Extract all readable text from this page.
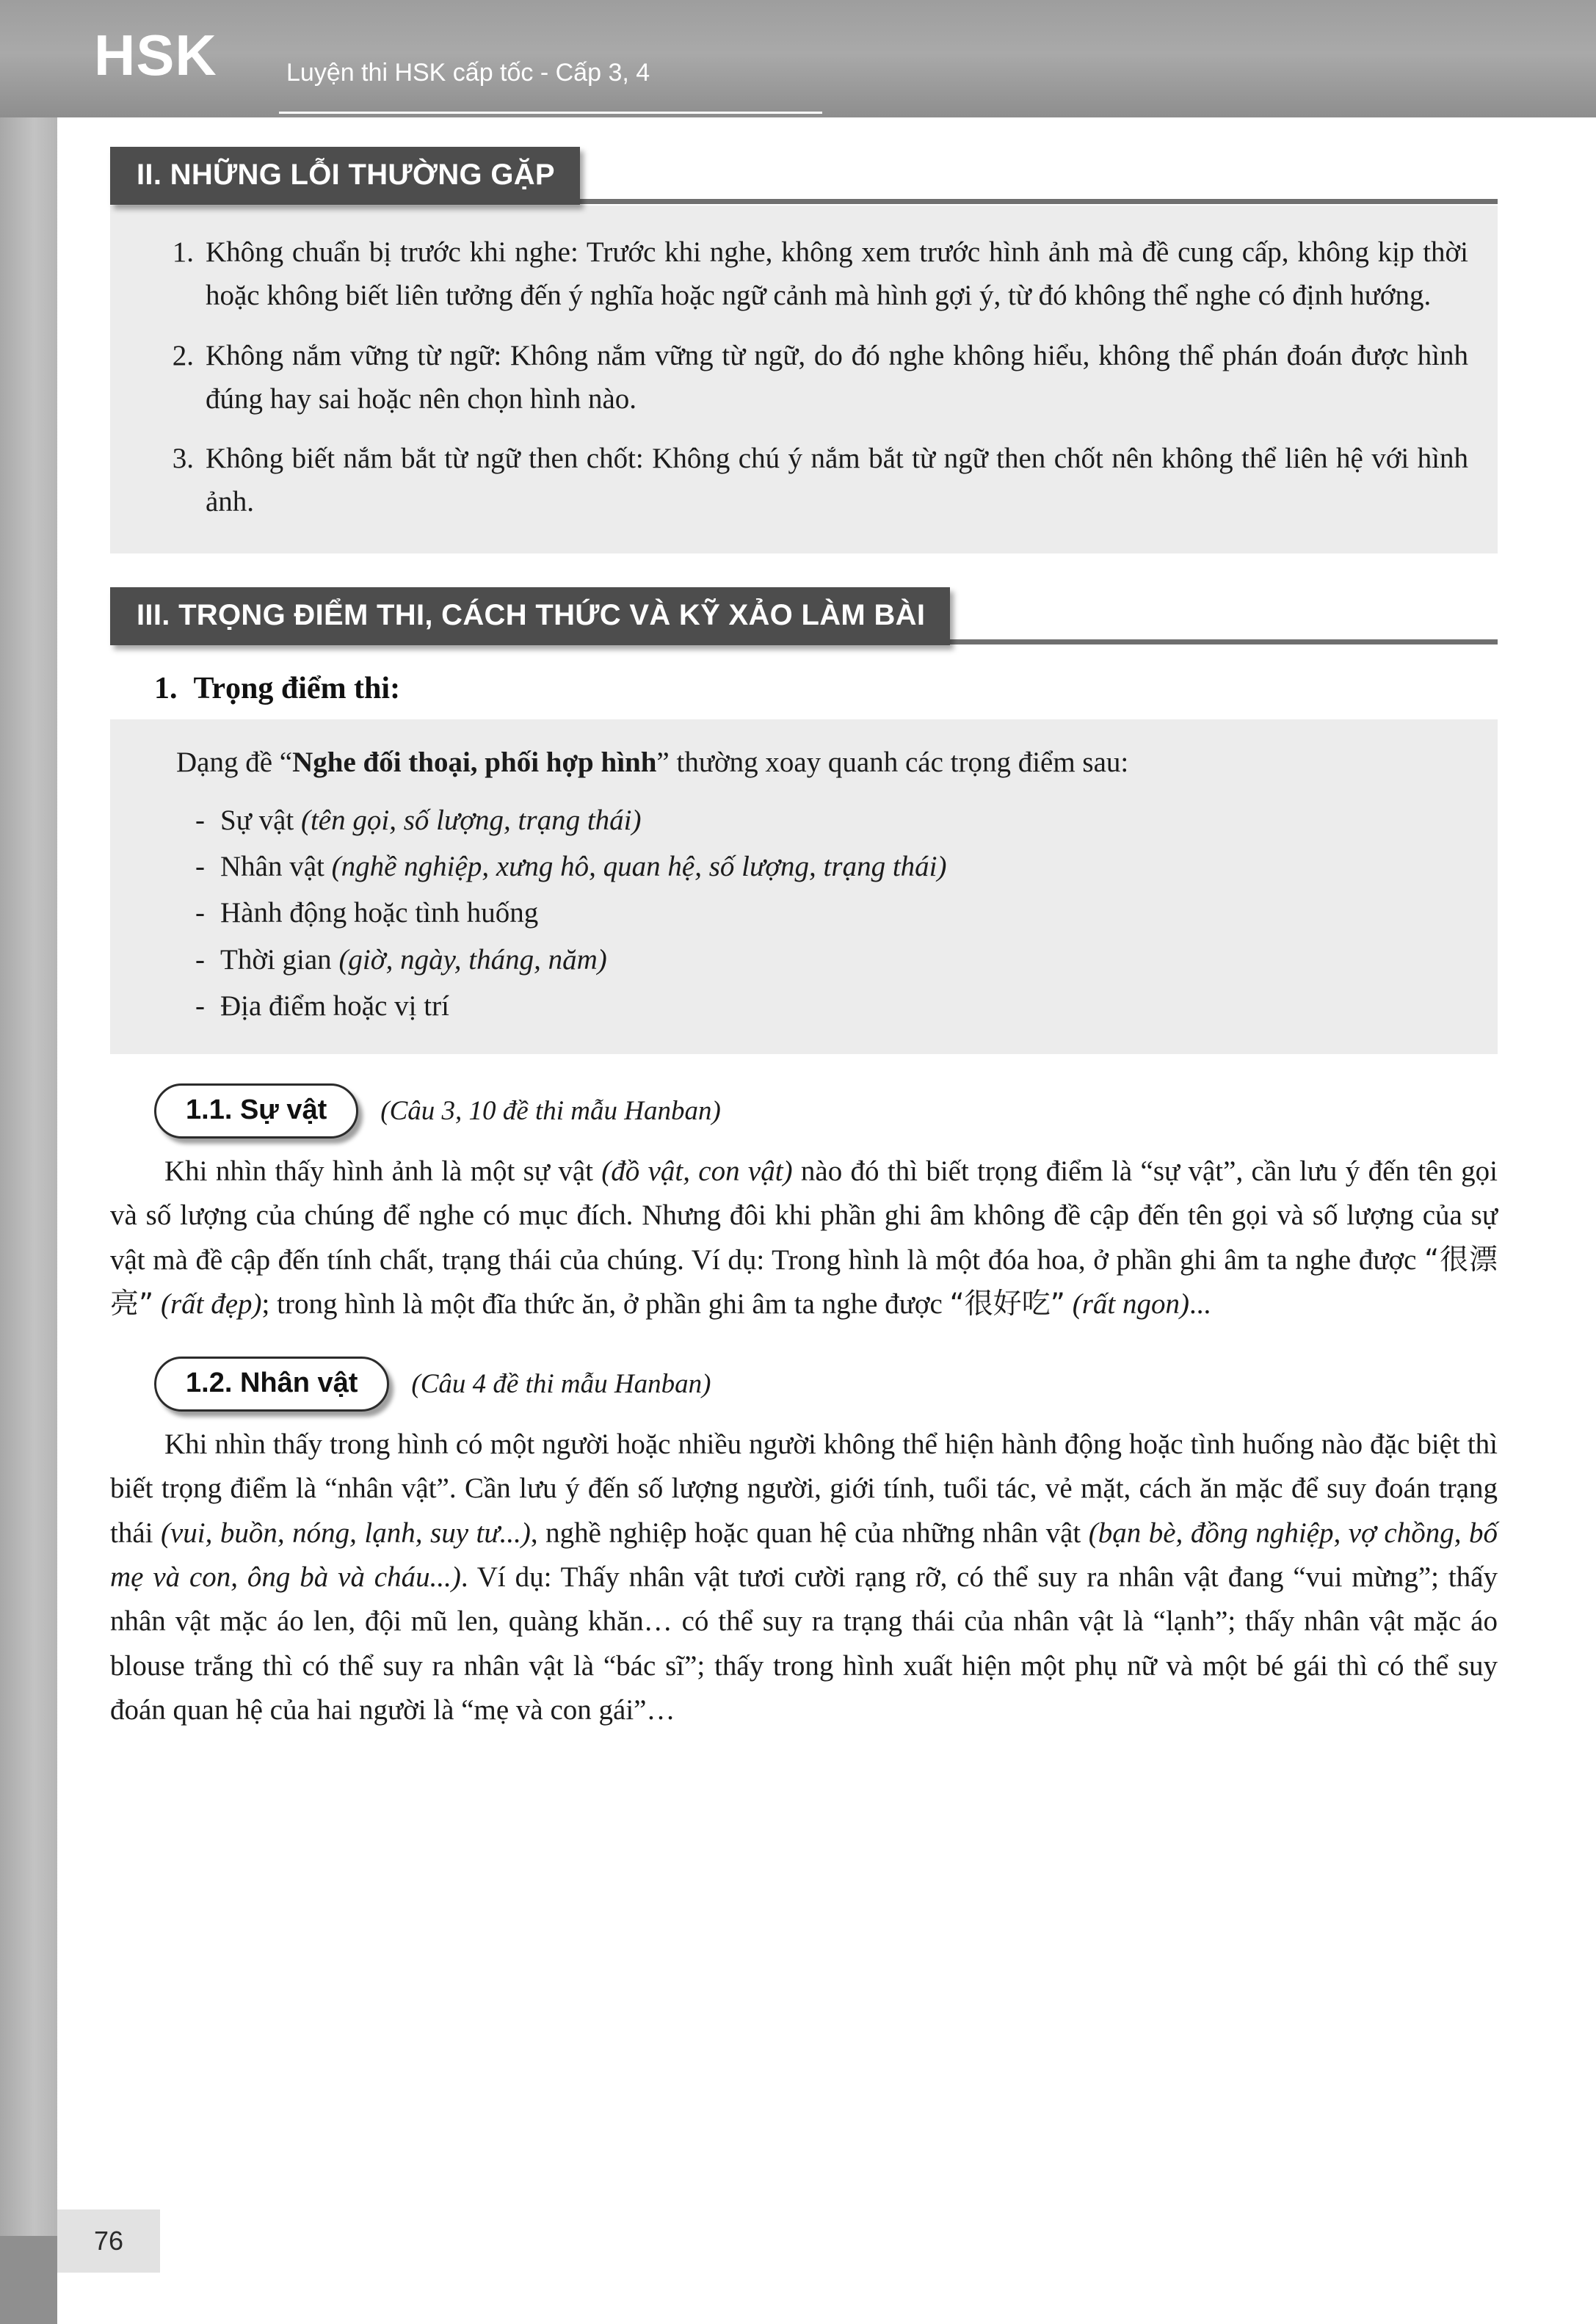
HSK	Luyện thi HSK cấp tốc - Cấp 3, 4
II. NHỮNG LỖI THƯỜNG GẶP
Không chuẩn bị trước khi nghe: Trước khi nghe, không xem trước hình ảnh mà đề cung cấp, không kịp thời hoặc không biết liên tưởng đến ý nghĩa hoặc ngữ cảnh mà hình gợi ý, từ đó không thể nghe có định hướng.
Không nắm vững từ ngữ: Không nắm vững từ ngữ, do đó nghe không hiểu, không thể phán đoán được hình đúng hay sai hoặc nên chọn hình nào.
Không biết nắm bắt từ ngữ then chốt: Không chú ý nắm bắt từ ngữ then chốt nên không thể liên hệ với hình ảnh.
III. TRỌNG ĐIỂM THI, CÁCH THỨC VÀ KỸ XẢO LÀM BÀI
1. Trọng điểm thi:

Dạng đề “Nghe đối thoại, phối hợp hình” thường xoay quanh các trọng điểm sau:

- Sự vật (tên gọi, số lượng, trạng thái)
- Nhân vật (nghề nghiệp, xưng hô, quan hệ, số lượng, trạng thái)
- Hành động hoặc tình huống
- Thời gian (giờ, ngày, tháng, năm)
- Địa điểm hoặc vị trí
1.1. Sự vật (Câu 3, 10 đề thi mẫu Hanban)

Khi nhìn thấy hình ảnh là một sự vật (đồ vật, con vật) nào đó thì biết trọng điểm là “sự vật”, cần lưu ý đến tên gọi và số lượng của chúng để nghe có mục đích. Nhưng đôi khi phần ghi âm không đề cập đến tên gọi và số lượng của sự vật mà đề cập đến tính chất, trạng thái của chúng. Ví dụ: Trong hình là một đóa hoa, ở phần ghi âm ta nghe được “很漂亮” (rất đẹp); trong hình là một đĩa thức ăn, ở phần ghi âm ta nghe được “很好吃” (rất ngon)...

1.2. Nhân vật (Câu 4 đề thi mẫu Hanban)

Khi nhìn thấy trong hình có một người hoặc nhiều người không thể hiện hành động hoặc tình huống nào đặc biệt thì biết trọng điểm là “nhân vật”. Cần lưu ý đến số lượng người, giới tính, tuổi tác, vẻ mặt, cách ăn mặc để suy đoán trạng thái (vui, buồn, nóng, lạnh, suy tư...), nghề nghiệp hoặc quan hệ của những nhân vật (bạn bè, đồng nghiệp, vợ chồng, bố mẹ và con, ông bà và cháu...). Ví dụ: Thấy nhân vật tươi cười rạng rỡ, có thể suy ra nhân vật đang “vui mừng”; thấy nhân vật mặc áo len, đội mũ len, quàng khăn… có thể suy ra trạng thái của nhân vật là “lạnh”; thấy nhân vật mặc áo blouse trắng thì có thể suy ra nhân vật là “bác sĩ”; thấy trong hình xuất hiện một phụ nữ và một bé gái thì có thể suy đoán quan hệ của hai người là “mẹ và con gái”…

76
